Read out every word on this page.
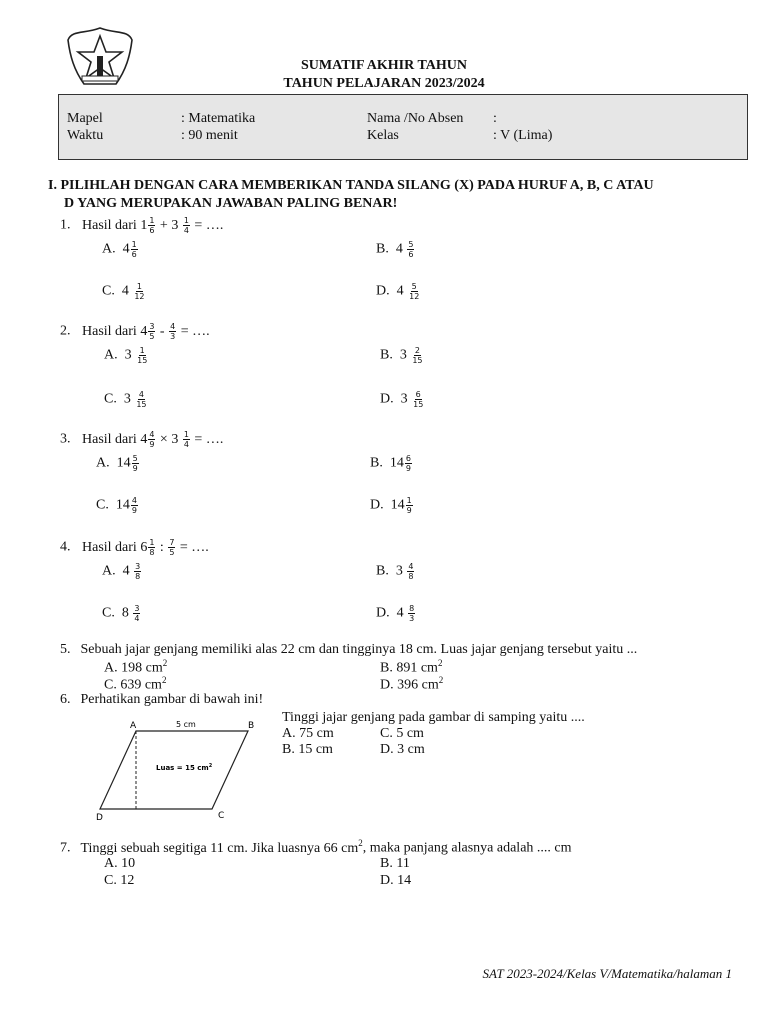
SUMATIF AKHIR TAHUN
TAHUN PELAJARAN 2023/2024
Mapel	: Matematika
Waktu	: 90 menit
Nama /No Absen :
Kelas	: V (Lima)
I. PILIHLAH DENGAN CARA MEMBERIKAN TANDA SILANG (X) PADA HURUF A, B, C ATAU
D YANG MERUPAKAN JAWABAN PALING BENAR!
1. Hasil dari $1 \frac{1}{6} + 3 \frac{1}{4}$ = ….
A. $4 \frac{1}{6}$	B. $4 \frac{5}{6}$
C. $4 \frac{1}{12}$	D. $4 \frac{5}{12}$
2. Hasil dari $4 \frac{3}{5} - \frac{4}{3}$ = ….
A. $3 \frac{1}{15}$	B. $3 \frac{2}{15}$
C. $3 \frac{4}{15}$	D. $3 \frac{6}{15}$
3. Hasil dari $4 \frac{4}{9} \times 3 \frac{1}{4}$ = ….
A. $14 \frac{5}{9}$	B. $14 \frac{6}{9}$
C. $14 \frac{4}{9}$	D. $14 \frac{1}{9}$
4. Hasil dari $6 \frac{1}{8}$ : $\frac{7}{5}$ = ….
A. $4 \frac{3}{8}$	B. $3 \frac{4}{8}$
C. $8 \frac{3}{4}$	D. $4 \frac{8}{3}$
5. Sebuah jajar genjang memiliki alas 22 cm dan tingginya 18 cm. Luas jajar genjang tersebut yaitu ...
A. 198 $cm^2$	B. 891 $cm^2$
C. 639 $cm^2$	D. 396 $cm^2$
6. Perhatikan gambar di bawah ini!
Tinggi jajar genjang pada gambar di samping yaitu ....
A. 75 cm	C. 5 cm
B. 15 cm	D. 3 cm
A	B
C
D
5 cm
Luas = 15 $cm^2$
7. Tinggi sebuah segitiga 11 cm. Jika luasnya 66 $cm^2$, maka panjang alasnya adalah .... cm
A. 10	B. 11
C. 12	D. 14
SAT 2023-2024/Kelas V/Matematika/halaman 1
